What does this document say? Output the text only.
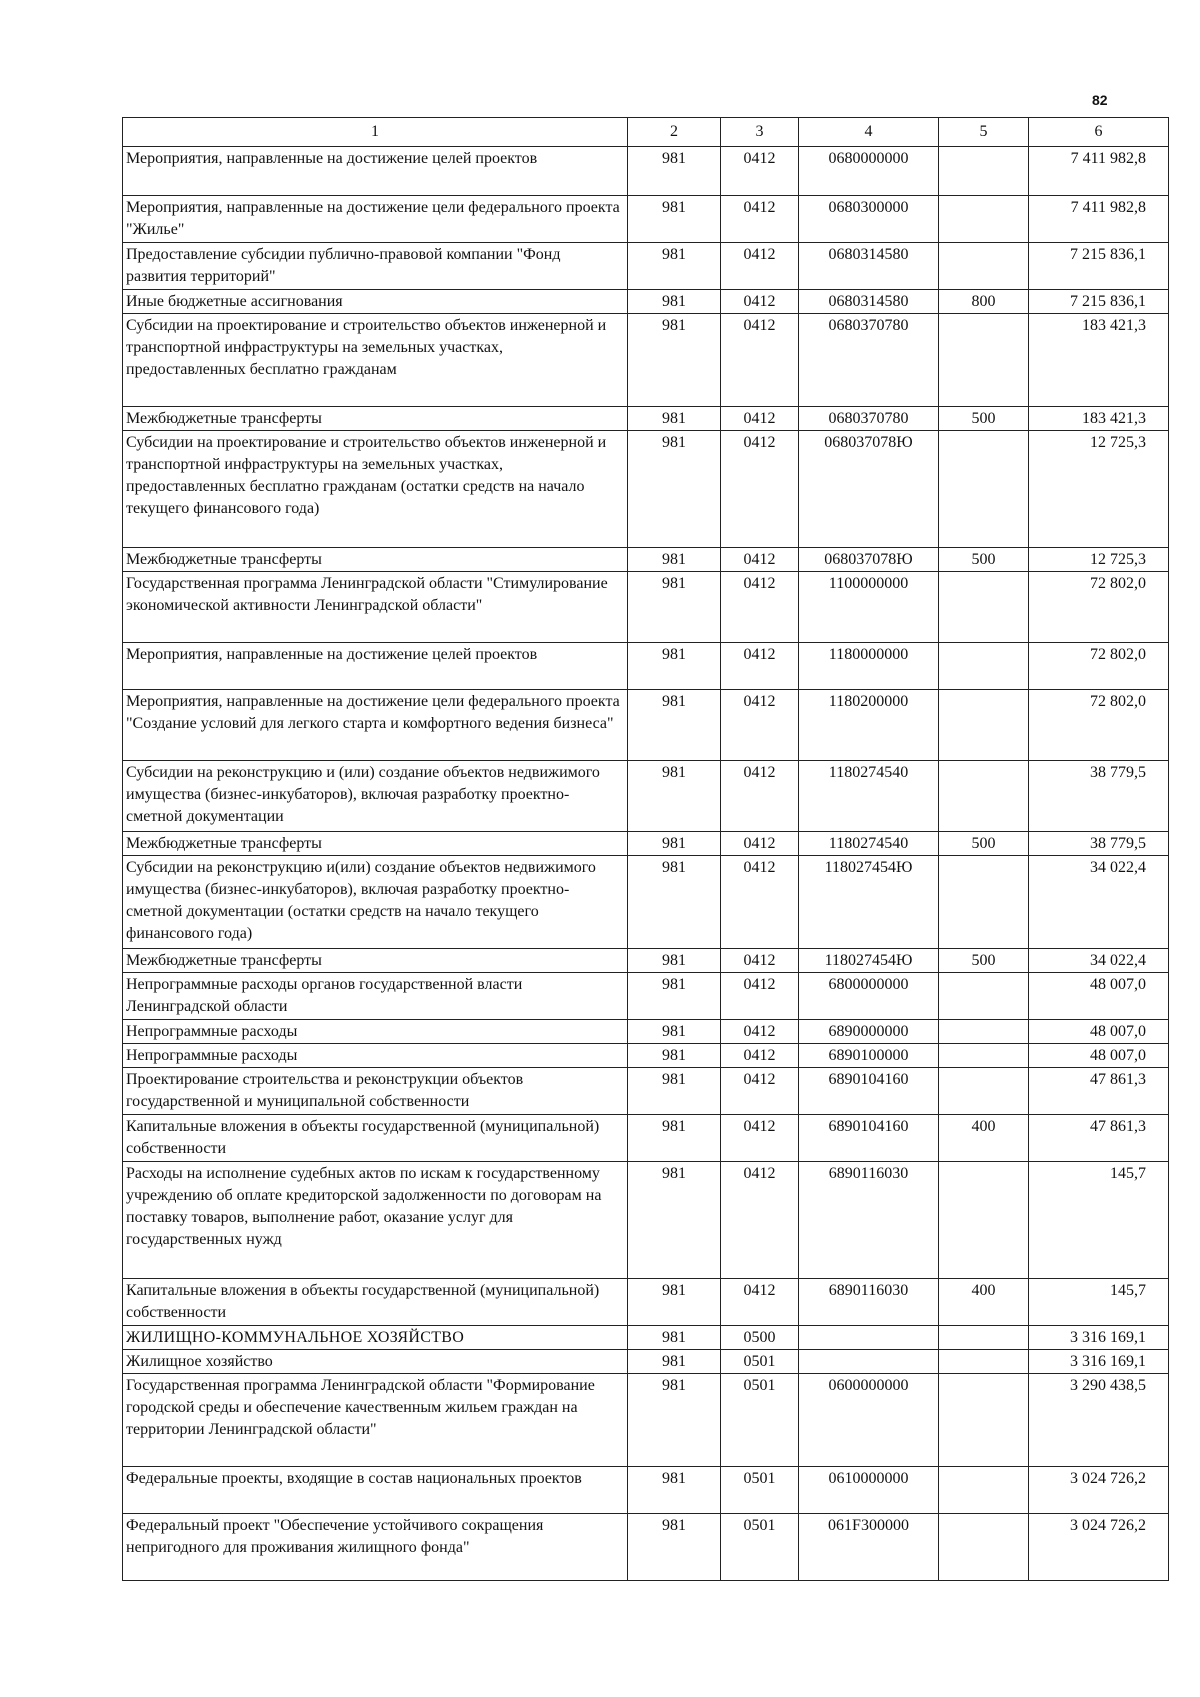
82
1	2	3	4	5	6
Мероприятия, направленные на достижение целей проектов	981	0412	0680000000		7 411 982,8
Мероприятия, направленные на достижение цели федерального проекта "Жилье"	981	0412	0680300000		7 411 982,8
Предоставление субсидии публично-правовой компании "Фонд развития территорий"	981	0412	0680314580		7 215 836,1
Иные бюджетные ассигнования	981	0412	0680314580	800	7 215 836,1
Субсидии на проектирование и строительство объектов инженерной и транспортной инфраструктуры на земельных участках, предоставленных бесплатно гражданам	981	0412	0680370780		183 421,3
Межбюджетные трансферты	981	0412	0680370780	500	183 421,3
Субсидии на проектирование и строительство объектов инженерной и транспортной инфраструктуры на земельных участках, предоставленных бесплатно гражданам (остатки средств на начало текущего финансового года)	981	0412	068037078Ю		12 725,3
Межбюджетные трансферты	981	0412	068037078Ю	500	12 725,3
Государственная программа Ленинградской области "Стимулирование экономической активности Ленинградской области"	981	0412	1100000000		72 802,0
Мероприятия, направленные на достижение целей проектов	981	0412	1180000000		72 802,0
Мероприятия, направленные на достижение цели федерального проекта "Создание условий для легкого старта и комфортного ведения бизнеса"	981	0412	1180200000		72 802,0
Субсидии на реконструкцию и (или) создание объектов недвижимого имущества (бизнес-инкубаторов), включая разработку проектно-сметной документации	981	0412	1180274540		38 779,5
Межбюджетные трансферты	981	0412	1180274540	500	38 779,5
Субсидии на реконструкцию и(или) создание объектов недвижимого имущества (бизнес-инкубаторов), включая разработку проектно-сметной документации (остатки средств на начало текущего финансового года)	981	0412	118027454Ю		34 022,4
Межбюджетные трансферты	981	0412	118027454Ю	500	34 022,4
Непрограммные расходы органов государственной власти Ленинградской области	981	0412	6800000000		48 007,0
Непрограммные расходы	981	0412	6890000000		48 007,0
Непрограммные расходы	981	0412	6890100000		48 007,0
Проектирование строительства и реконструкции объектов государственной и муниципальной собственности	981	0412	6890104160		47 861,3
Капитальные вложения в объекты государственной (муниципальной) собственности	981	0412	6890104160	400	47 861,3
Расходы на исполнение судебных актов по искам к государственному учреждению об оплате кредиторской задолженности по договорам на поставку товаров, выполнение работ, оказание услуг для государственных нужд	981	0412	6890116030		145,7
Капитальные вложения в объекты государственной (муниципальной) собственности	981	0412	6890116030	400	145,7
ЖИЛИЩНО-КОММУНАЛЬНОЕ ХОЗЯЙСТВО	981	0500			3 316 169,1
Жилищное хозяйство	981	0501			3 316 169,1
Государственная программа Ленинградской области "Формирование городской среды и обеспечение качественным жильем граждан на территории Ленинградской области"	981	0501	0600000000		3 290 438,5
Федеральные проекты, входящие в состав национальных проектов	981	0501	0610000000		3 024 726,2
Федеральный проект "Обеспечение устойчивого сокращения непригодного для проживания жилищного фонда"	981	0501	061F300000		3 024 726,2
